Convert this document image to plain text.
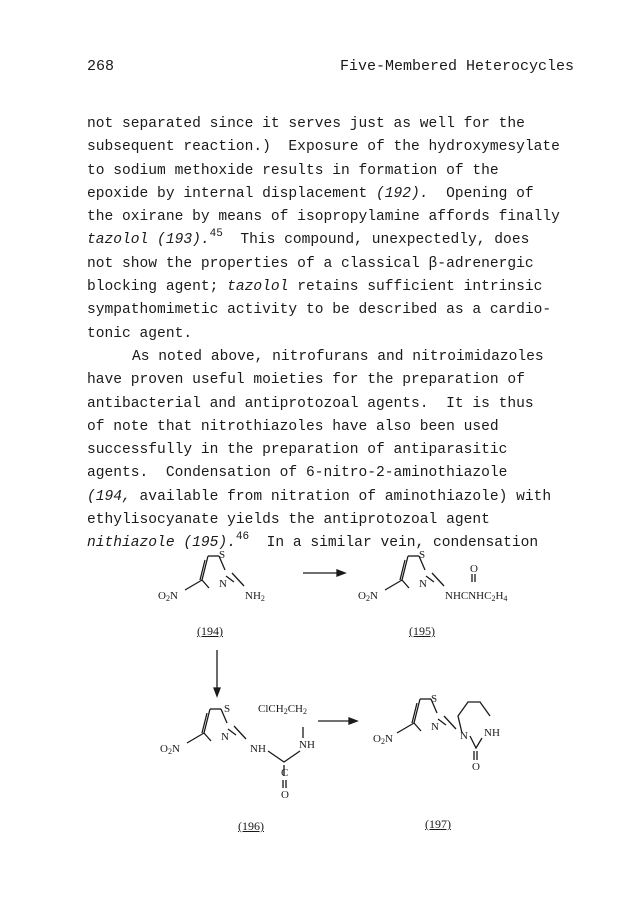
268	Five-Membered Heterocycles
not separated since it serves just as well for the
subsequent reaction.)  Exposure of the hydroxymesylate
to sodium methoxide results in formation of the
epoxide by internal displacement (192).  Opening of
the oxirane by means of isopropylamine affords finally
tazolol (193).$^{45}$  This compound, unexpectedly, does
not show the properties of a classical β-adrenergic
blocking agent; tazolol retains sufficient intrinsic
sympathomimetic activity to be described as a cardio-
tonic agent.
As noted above, nitrofurans and nitroimidazoles
have proven useful moieties for the preparation of
antibacterial and antiprotozoal agents.  It is thus
of note that nitrothiazoles have also been used
successfully in the preparation of antiparasitic
agents.  Condensation of 6-nitro-2-aminothiazole
(194, available from nitration of aminothiazole) with
ethylisocyanate yields the antiprotozoal agent
nithiazole (195).$^{46}$  In a similar vein, condensation
S
N
$O_2N$	$NH_2$
(194)
S
N
O
$O_2N$	$NHCNHC_2H_4$
(195)
S	$ClCH_2CH_2$
N
$O_2N$	NH	NH
C
O
(196)
S
N
$O_2N$	N NH
O
(197)
